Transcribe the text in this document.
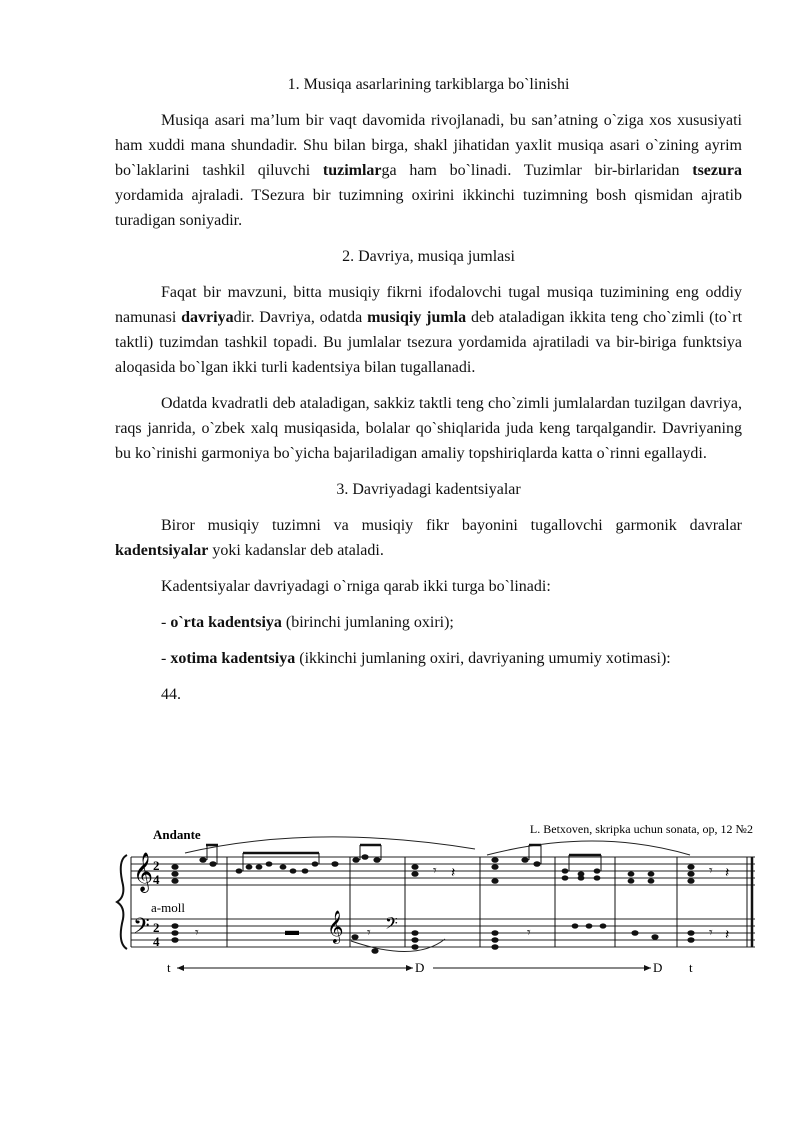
1. Musiqa asarlarining tarkiblarga bo`linishi

Musiqa asari ma’lum bir vaqt davomida rivojlanadi, bu san’atning o`ziga xos xususiyati ham xuddi mana shundadir. Shu bilan birga, shakl jihatidan yaxlit musiqa asari o`zining ayrim bo`laklarini tashkil qiluvchi tuzimlarga ham bo`linadi. Tuzimlar bir-birlaridan tsezura yordamida ajraladi. TSezura bir tuzimning oxirini ikkinchi tuzimning bosh qismidan ajratib turadigan soniyadir.

2. Davriya, musiqa jumlasi

Faqat bir mavzuni, bitta musiqiy fikrni ifodalovchi tugal musiqa tuzimining eng oddiy namunasi davriyadir. Davriya, odatda musiqiy jumla deb ataladigan ikkita teng cho`zimli (to`rt taktli) tuzimdan tashkil topadi. Bu jumlalar tsezura yordamida ajratiladi va bir-biriga funktsiya aloqasida bo`lgan ikki turli kadentsiya bilan tugallanadi.

Odatda kvadratli deb ataladigan, sakkiz taktli teng cho`zimli jumlalardan tuzilgan davriya, raqs janrida, o`zbek xalq musiqasida, bolalar qo`shiqlarida juda keng tarqalgandir. Davriyaning bu ko`rinishi garmoniya bo`yicha bajariladigan amaliy topshiriqlarda katta o`rinni egallaydi.

3. Davriyadagi kadentsiyalar

Biror musiqiy tuzimni va musiqiy fikr bayonini tugallovchi garmonik davralar kadentsiyalar yoki kadanslar deb ataladi.

Kadentsiyalar davriyadagi o`rniga qarab ikki turga bo`linadi:

- o`rta kadentsiya (birinchi jumlaning oxiri);

- xotima kadentsiya (ikkinchi jumlaning oxiri, davriyaning umumiy xotimasi):

44.

Andante	L. Betxoven, skripka uchun sonata, op, 12 №2
𝄞
𝄢	𝄞 𝄢
2
4
2
4
a-moll
𝄾 𝄽	𝄾 𝄽
𝄾	▬	𝄾	𝄾	𝄾 𝄽
t	D	D t
